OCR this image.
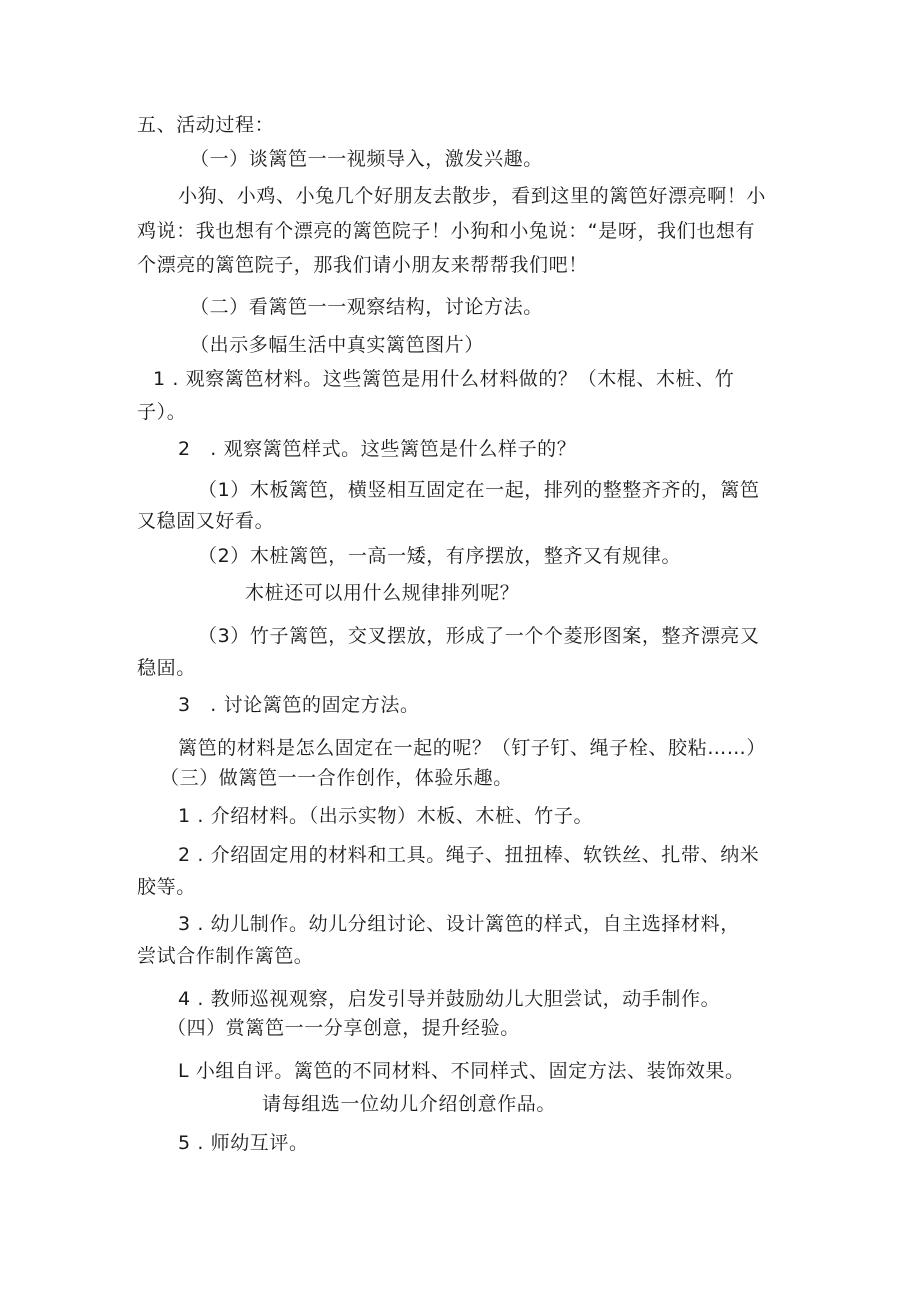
五、活动过程：
（一）谈篱笆一一视频导入，激发兴趣。
小狗、小鸡、小兔几个好朋友去散步，看到这里的篱笆好漂亮啊！小
鸡说：我也想有个漂亮的篱笆院子！小狗和小兔说：“是呀，我们也想有
个漂亮的篱笆院子，那我们请小朋友来帮帮我们吧！
（二）看篱笆一一观察结构，讨论方法。
（出示多幅生活中真实篱笆图片）
1 . 观察篱笆材料。这些篱笆是用什么材料做的？（木棍、木桩、竹
子）。
2　. 观察篱笆样式。这些篱笆是什么样子的？
（1）木板篱笆，横竖相互固定在一起，排列的整整齐齐的，篱笆
又稳固又好看。
（2）木桩篱笆，一高一矮，有序摆放，整齐又有规律。
木桩还可以用什么规律排列呢？
（3）竹子篱笆，交叉摆放，形成了一个个菱形图案，整齐漂亮又
稳固。
3　. 讨论篱笆的固定方法。
篱笆的材料是怎么固定在一起的呢？（钉子钉、绳子栓、胶粘……）
（三）做篱笆一一合作创作，体验乐趣。
1 . 介绍材料。（出示实物）木板、木桩、竹子。
2 . 介绍固定用的材料和工具。绳子、扭扭棒、软铁丝、扎带、纳米
胶等。
3 . 幼儿制作。幼儿分组讨论、设计篱笆的样式，自主选择材料，
尝试合作制作篱笆。
4 . 教师巡视观察，启发引导并鼓励幼儿大胆尝试，动手制作。
（四）赏篱笆一一分享创意，提升经验。
L 小组自评。篱笆的不同材料、不同样式、固定方法、装饰效果。
请每组选一位幼儿介绍创意作品。
5 . 师幼互评。
